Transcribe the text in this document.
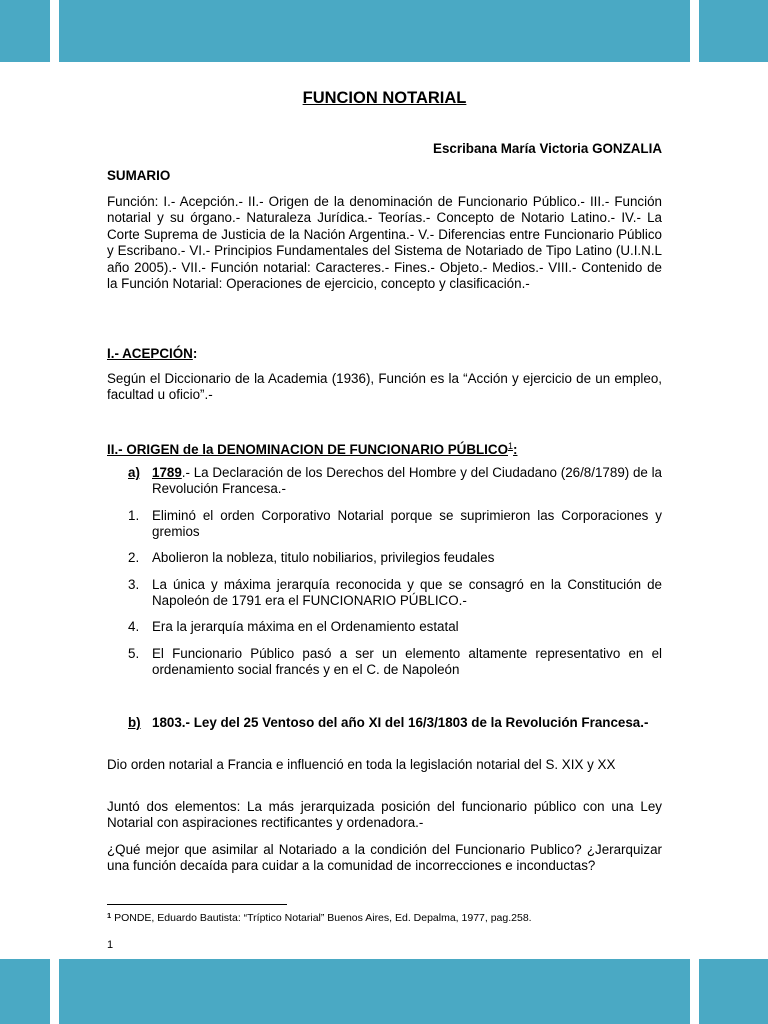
FUNCION NOTARIAL
Escribana María Victoria GONZALIA
SUMARIO
Función: I.- Acepción.- II.- Origen de la denominación de Funcionario Público.- III.- Función notarial y su órgano.- Naturaleza Jurídica.- Teorías.- Concepto de Notario Latino.- IV.- La Corte Suprema de Justicia de la Nación Argentina.- V.- Diferencias entre Funcionario Público y Escribano.- VI.- Principios Fundamentales del Sistema de Notariado de Tipo Latino (U.I.N.L año 2005).- VII.- Función notarial: Caracteres.- Fines.- Objeto.- Medios.- VIII.- Contenido de la Función Notarial: Operaciones de ejercicio, concepto y clasificación.-
I.- ACEPCIÓN:
Según el Diccionario de la Academia (1936), Función es la “Acción y ejercicio de un empleo, facultad u oficio”.-
II.- ORIGEN de la DENOMINACION DE FUNCIONARIO PÚBLICO$^1$:
a) 1789.- La Declaración de los Derechos del Hombre y del Ciudadano (26/8/1789) de la Revolución Francesa.-
1. Eliminó el orden Corporativo Notarial porque se suprimieron las Corporaciones y gremios
2. Abolieron la nobleza, titulo nobiliarios, privilegios feudales
3. La única y máxima jerarquía reconocida y que se consagró en la Constitución de Napoleón de 1791 era el FUNCIONARIO PÚBLICO.-
4. Era la jerarquía máxima en el Ordenamiento estatal
5. El Funcionario Público pasó a ser un elemento altamente representativo en el ordenamiento social francés y en el C. de Napoleón
b) 1803.- Ley del 25 Ventoso del año XI del 16/3/1803 de la Revolución Francesa.-
Dio orden notarial a Francia e influenció en toda la legislación notarial del S. XIX y XX
Juntó dos elementos: La más jerarquizada posición del funcionario público con una Ley Notarial con aspiraciones rectificantes y ordenadora.-
¿Qué mejor que asimilar al Notariado a la condición del Funcionario Publico? ¿Jerarquizar una función decaída para cuidar a la comunidad de incorrecciones e inconductas?
$^1$ PONDE, Eduardo Bautista: “Tríptico Notarial” Buenos Aires, Ed. Depalma, 1977, pag.258.
1
